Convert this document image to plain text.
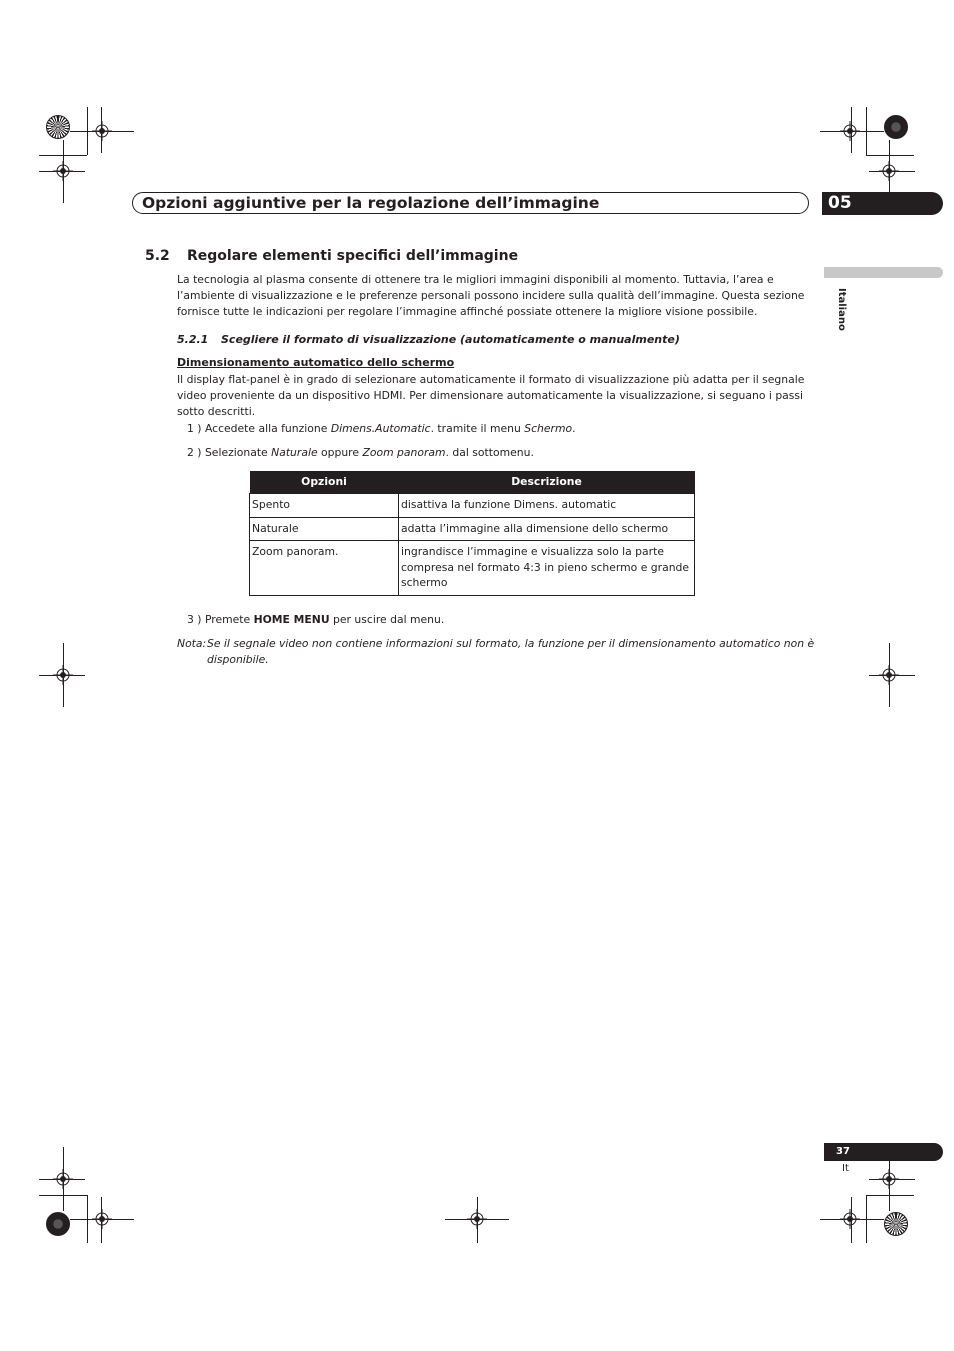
Opzioni aggiuntive per la regolazione dell’immagine	05
Italiano
5.2 Regolare elementi specifici dell’immagine
La tecnologia al plasma consente di ottenere tra le migliori immagini disponibili al momento. Tuttavia, l’area e l’ambiente di visualizzazione e le preferenze personali possono incidere sulla qualità dell’immagine. Questa sezione fornisce tutte le indicazioni per regolare l’immagine affinché possiate ottenere la migliore visione possibile.
5.2.1 Scegliere il formato di visualizzazione (automaticamente o manualmente)
Dimensionamento automatico dello schermo
Il display flat-panel è in grado di selezionare automaticamente il formato di visualizzazione più adatta per il segnale video proveniente da un dispositivo HDMI. Per dimensionare automaticamente la visualizzazione, si seguano i passi sotto descritti.
1 ) Accedete alla funzione Dimens.Automatic. tramite il menu Schermo.
2 ) Selezionate Naturale oppure Zoom panoram. dal sottomenu.
Opzioni	Descrizione
Spento	disattiva la funzione Dimens. automatic
Naturale	adatta l’immagine alla dimensione dello schermo
Zoom panoram.	ingrandisce l’immagine e visualizza solo la parte compresa nel formato 4:3 in pieno schermo e grande schermo
3 ) Premete HOME MENU per uscire dal menu.
Nota: Se il segnale video non contiene informazioni sul formato, la funzione per il dimensionamento automatico non è disponibile.
37
It
